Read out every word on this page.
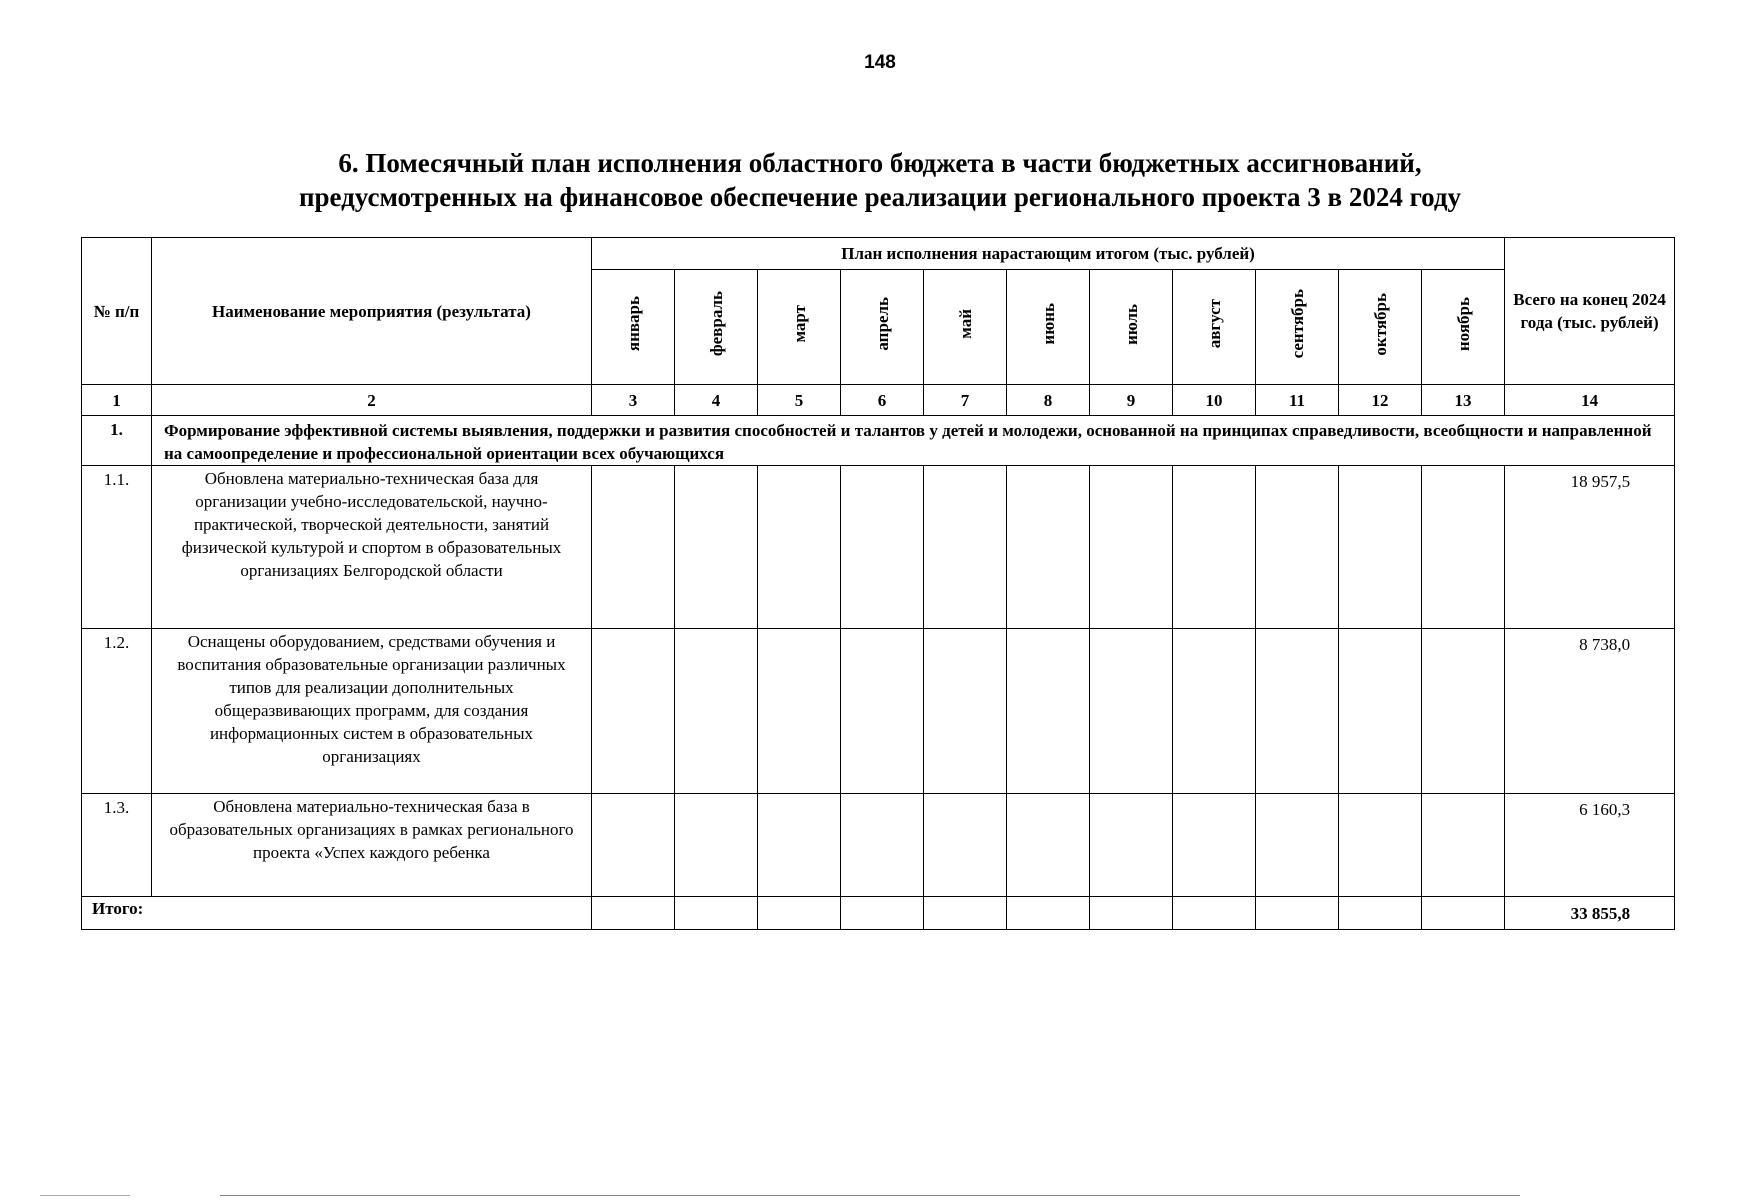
148
6. Помесячный план исполнения областного бюджета в части бюджетных ассигнований,
предусмотренных на финансовое обеспечение реализации регионального проекта 3 в 2024 году
№ п/п	Наименование мероприятия (результата)	План исполнения нарастающим итогом (тыс. рублей)											Всего на конец 2024 года (тыс. рублей)
		январь	февраль	март	апрель	май	июнь	июль	август	сентябрь	октябрь	ноябрь	
1	2	3	4	5	6	7	8	9	10	11	12	13	14
1.	Формирование эффективной системы выявления, поддержки и развития способностей и талантов у детей и молодежи, основанной на принципах справедливости, всеобщности и направленной на самоопределение и профессиональной ориентации всех обучающихся												
1.1.	Обновлена материально-техническая база для организации учебно-исследовательской, научно-практической, творческой деятельности, занятий физической культурой и спортом в образовательных организациях Белгородской области												18 957,5
1.2.	Оснащены оборудованием, средствами обучения и воспитания образовательные организации различных типов для реализации дополнительных общеразвивающих программ, для создания информационных систем в образовательных организациях												8 738,0
1.3.	Обновлена материально-техническая база в образовательных организациях в рамках регионального проекта «Успех каждого ребенка												6 160,3
Итого:													33 855,8
